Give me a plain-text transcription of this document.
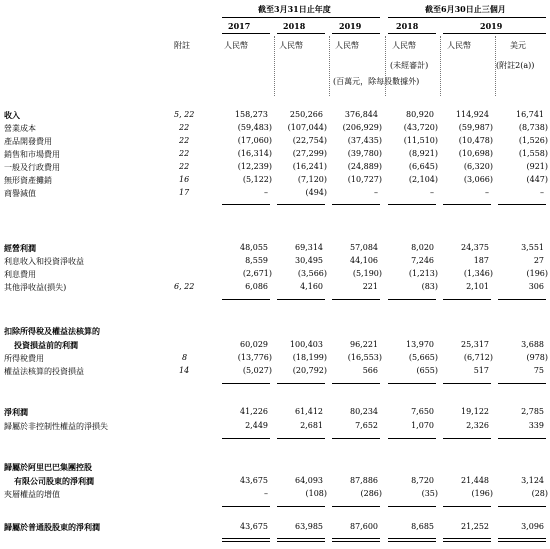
截至3月31日止年度	截至6月30日止三個月
2017	2018	2019	2018	2019
附註	人民幣	人民幣	人民幣	人民幣	人民幣	美元
(未經審計)	(附註2(a))
(百萬元，除每股數據外)
收入	5, 22	158,273	250,266	376,844	80,920	114,924	16,741
營業成本	22	(59,483)	(107,044)	(206,929)	(43,720)	(59,987)	(8,738)
產品開發費用	22	(17,060)	(22,754)	(37,435)	(11,510)	(10,478)	(1,526)
銷售和市場費用	22	(16,314)	(27,299)	(39,780)	(8,921)	(10,698)	(1,558)
一般及行政費用	22	(12,239)	(16,241)	(24,889)	(6,645)	(6,320)	(921)
無形資產攤銷	16	(5,122)	(7,120)	(10,727)	(2,104)	(3,066)	(447)
商譽減值	17	–	(494)	–	–	–	–
經營利潤	48,055	69,314	57,084	8,020	24,375	3,551
利息收入和投資淨收益	8,559	30,495	44,106	7,246	187	27
利息費用	(2,671)	(3,566)	(5,190)	(1,213)	(1,346)	(196)
其他淨收益(損失)	6, 22	6,086	4,160	221	(83)	2,101	306
扣除所得稅及權益法核算的
投資損益前的利潤	60,029	100,403	96,221	13,970	25,317	3,688
所得稅費用	8	(13,776)	(18,199)	(16,553)	(5,665)	(6,712)	(978)
權益法核算的投資損益	14	(5,027)	(20,792)	566	(655)	517	75
淨利潤	41,226	61,412	80,234	7,650	19,122	2,785
歸屬於非控制性權益的淨損失	2,449	2,681	7,652	1,070	2,326	339
歸屬於阿里巴巴集團控股
有限公司股東的淨利潤	43,675	64,093	87,886	8,720	21,448	3,124
夾層權益的增值	–	(108)	(286)	(35)	(196)	(28)
歸屬於普通股股東的淨利潤	43,675	63,985	87,600	8,685	21,252	3,096
